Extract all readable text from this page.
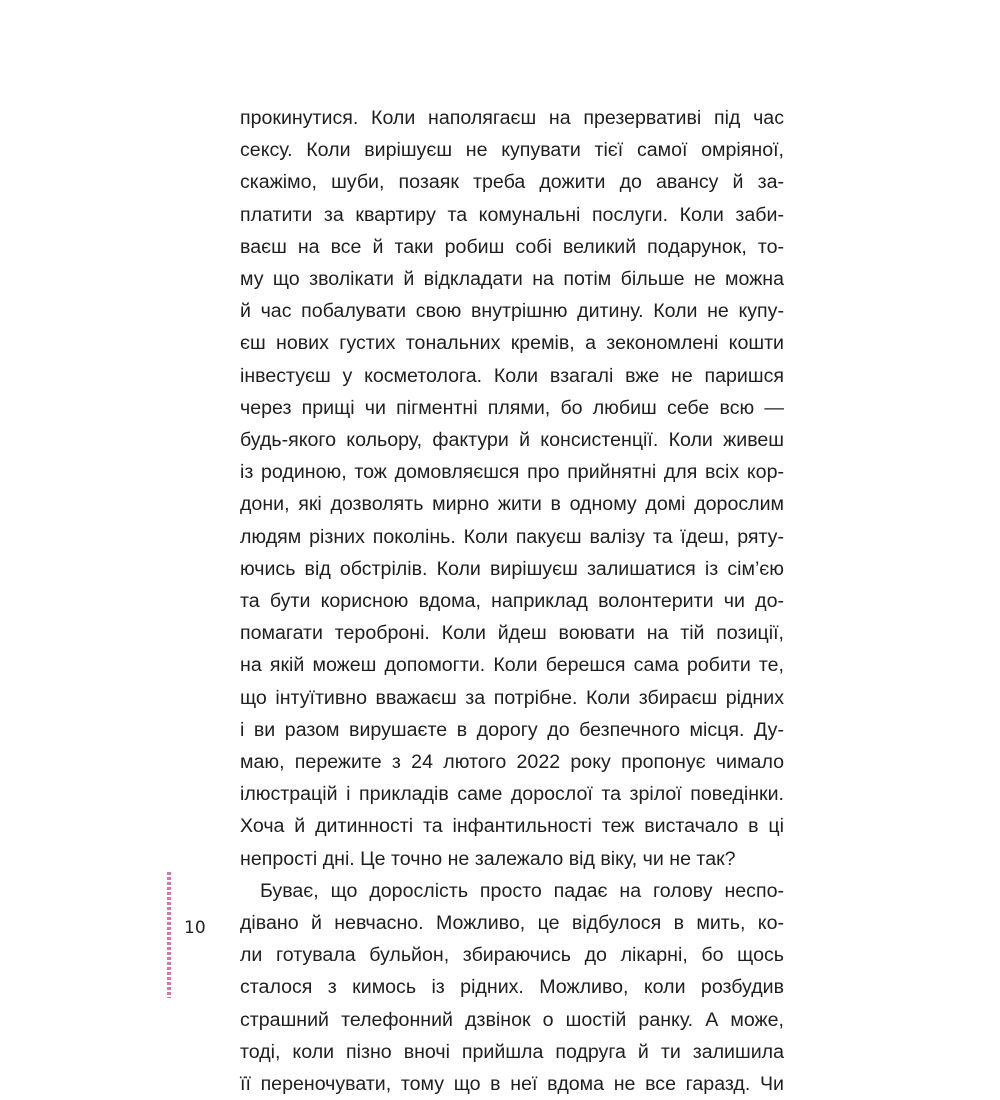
прокинутися. Коли наполягаєш на презервативі під час
сексу. Коли вирішуєш не купувати тієї самої омріяної,
скажімо, шуби, позаяк треба дожити до авансу й за-
платити за квартиру та комунальні послуги. Коли заби-
ваєш на все й таки робиш собі великий подарунок, то-
му що зволікати й відкладати на потім більше не можна
й час побалувати свою внутрішню дитину. Коли не купу-
єш нових густих тональних кремів, а зекономлені кошти
інвестуєш у косметолога. Коли взагалі вже не паришся
через прищі чи пігментні плями, бо любиш себе всю —
будь-якого кольору, фактури й консистенції. Коли живеш
із родиною, тож домовляєшся про прийнятні для всіх кор-
дони, які дозволять мирно жити в одному домі дорослим
людям різних поколінь. Коли пакуєш валізу та їдеш, ряту-
ючись від обстрілів. Коли вирішуєш залишатися із сім’єю
та бути корисною вдома, наприклад волонтерити чи до-
помагати тероброні. Коли йдеш воювати на тій позиції,
на якій можеш допомогти. Коли берешся сама робити те,
що інтуїтивно вважаєш за потрібне. Коли збираєш рідних
і ви разом вирушаєте в дорогу до безпечного місця. Ду-
маю, пережите з 24 лютого 2022 року пропонує чимало
ілюстрацій і прикладів саме дорослої та зрілої поведінки.
Хоча й дитинності та інфантильності теж вистачало в ці
непрості дні. Це точно не залежало від віку, чи не так?
Буває, що дорослість просто падає на голову неспо-
дівано й невчасно. Можливо, це відбулося в мить, ко-
ли готувала бульйон, збираючись до лікарні, бо щось
сталося з кимось із рідних. Можливо, коли розбудив
страшний телефонний дзвінок о шостій ранку. А може,
тоді, коли пізно вночі прийшла подруга й ти залишила
її переночувати, тому що в неї вдома не все гаразд. Чи
10
